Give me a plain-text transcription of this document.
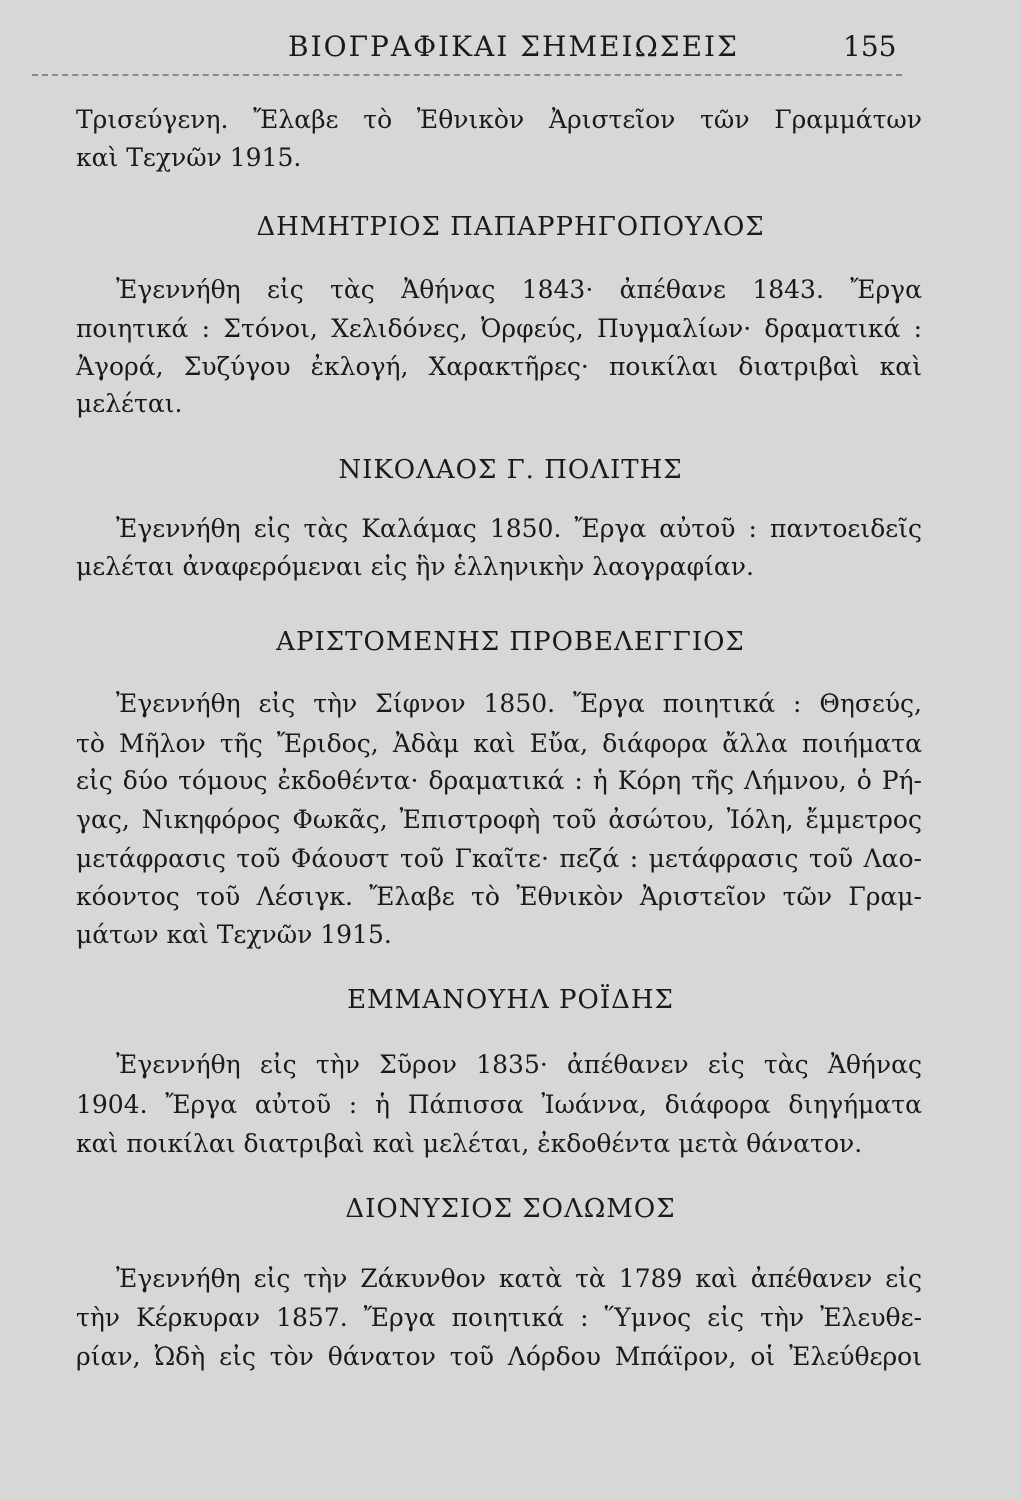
ΒΙΟΓΡΑΦΙΚΑΙ ΣΗΜΕΙΩΣΕΙΣ	155
Τρισεύγενη. Ἔλαβε τὸ Ἐθνικὸν Ἀριστεῖον τῶν Γραμμάτων
καὶ Τεχνῶν 1915.
ΔΗΜΗΤΡΙΟΣ ΠΑΠΑΡΡΗΓΟΠΟΥΛΟΣ
Ἐγεννήθη εἰς τὰς Ἀθήνας 1843· ἀπέθανε 1843. Ἔργα
ποιητικά : Στόνοι, Χελιδόνες, Ὀρφεύς, Πυγμαλίων· δραματικά :
Ἀγορά, Συζύγου ἐκλογή, Χαρακτῆρες· ποικίλαι διατριβαὶ καὶ
μελέται.
ΝΙΚΟΛΑΟΣ Γ. ΠΟΛΙΤΗΣ
Ἐγεννήθη εἰς τὰς Καλάμας 1850. Ἔργα αὐτοῦ : παντοειδεῖς
μελέται ἀναφερόμεναι εἰς ἣν ἑλληνικὴν λαογραφίαν.
ΑΡΙΣΤΟΜΕΝΗΣ ΠΡΟΒΕΛΕΓΓΙΟΣ
Ἐγεννήθη εἰς τὴν Σίφνον 1850. Ἔργα ποιητικά : Θησεύς,
τὸ Μῆλον τῆς Ἔριδος, Ἀδὰμ καὶ Εὔα, διάφορα ἄλλα ποιήματα
εἰς δύο τόμους ἐκδοθέντα· δραματικά : ἡ Κόρη τῆς Λήμνου, ὁ Ρή-
γας, Νικηφόρος Φωκᾶς, Ἐπιστροφὴ τοῦ ἀσώτου, Ἰόλη, ἔμμετρος
μετάφρασις τοῦ Φάουστ τοῦ Γκαῖτε· πεζά : μετάφρασις τοῦ Λαο-
κόοντος τοῦ Λέσιγκ. Ἔλαβε τὸ Ἐθνικὸν Ἀριστεῖον τῶν Γραμ-
μάτων καὶ Τεχνῶν 1915.
ΕΜΜΑΝΟΥΗΛ ΡΟΪΔΗΣ
Ἐγεννήθη εἰς τὴν Σῦρον 1835· ἀπέθανεν εἰς τὰς Ἀθήνας
1904. Ἔργα αὐτοῦ : ἡ Πάπισσα Ἰωάννα, διάφορα διηγήματα
καὶ ποικίλαι διατριβαὶ καὶ μελέται, ἐκδοθέντα μετὰ θάνατον.
ΔΙΟΝΥΣΙΟΣ ΣΟΛΩΜΟΣ
Ἐγεννήθη εἰς τὴν Ζάκυνθον κατὰ τὰ 1789 καὶ ἀπέθανεν εἰς
τὴν Κέρκυραν 1857. Ἔργα ποιητικά : Ὕμνος εἰς τὴν Ἐλευθε-
ρίαν, Ὠδὴ εἰς τὸν θάνατον τοῦ Λόρδου Μπάϊρον, οἱ Ἐλεύθεροι
